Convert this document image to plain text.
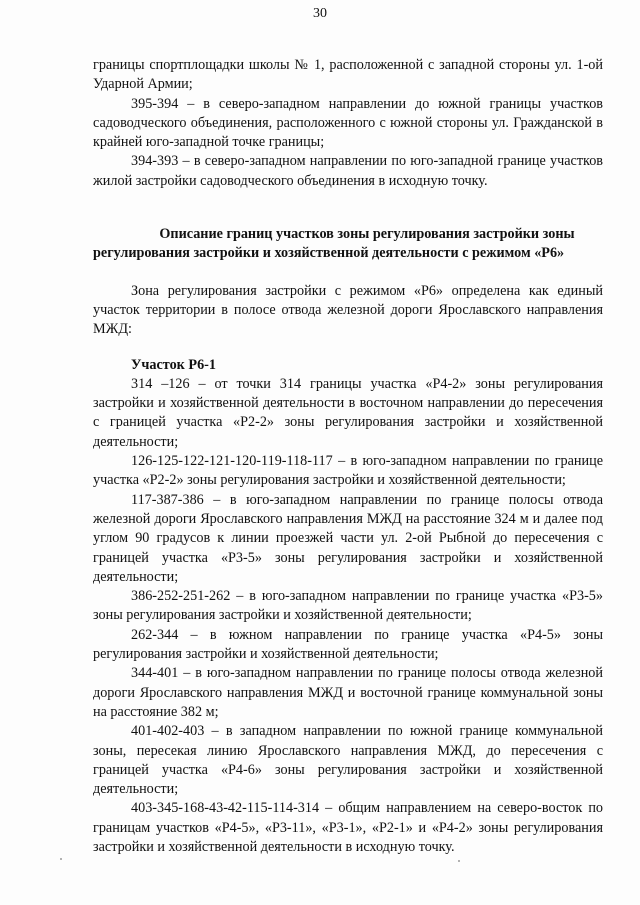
30

границы спортплощадки школы № 1, расположенной с западной стороны ул. 1-ой Ударной Армии;

395-394 – в северо-западном направлении до южной границы участков садоводческого объединения, расположенного с южной стороны ул. Гражданской в крайней юго-западной точке границы;

394-393 – в северо-западном направлении по юго-западной границе участков жилой застройки садоводческого объединения в исходную точку.

Описание границ участков зоны регулирования застройки зоны регулирования застройки и хозяйственной деятельности с режимом «Р6»

Зона регулирования застройки с режимом «Р6» определена как единый участок территории в полосе отвода железной дороги Ярославского направления МЖД:

Участок Р6-1

314 –126 – от точки 314 границы участка «Р4-2» зоны регулирования застройки и хозяйственной деятельности в восточном направлении до пересечения с границей участка «Р2-2» зоны регулирования застройки и хозяйственной деятельности;

126-125-122-121-120-119-118-117 – в юго-западном направлении по границе участка «Р2-2» зоны регулирования застройки и хозяйственной деятельности;

117-387-386 – в юго-западном направлении по границе полосы отвода железной дороги Ярославского направления МЖД на расстояние 324 м и далее под углом 90 градусов к линии проезжей части ул. 2-ой Рыбной до пересечения с границей участка «Р3-5» зоны регулирования застройки и хозяйственной деятельности;

386-252-251-262 – в юго-западном направлении по границе участка «Р3-5» зоны регулирования застройки и хозяйственной деятельности;

262-344 – в южном направлении по границе участка «Р4-5» зоны регулирования застройки и хозяйственной деятельности;

344-401 – в юго-западном направлении по границе полосы отвода железной дороги Ярославского направления МЖД и восточной границе коммунальной зоны на расстояние 382 м;

401-402-403 – в западном направлении по южной границе коммунальной зоны, пересекая линию Ярославского направления МЖД, до пересечения с границей участка «Р4-6» зоны регулирования застройки и хозяйственной деятельности;

403-345-168-43-42-115-114-314 – общим направлением на северо-восток по границам участков «Р4-5», «Р3-11», «Р3-1», «Р2-1» и «Р4-2» зоны регулирования застройки и хозяйственной деятельности в исходную точку.
